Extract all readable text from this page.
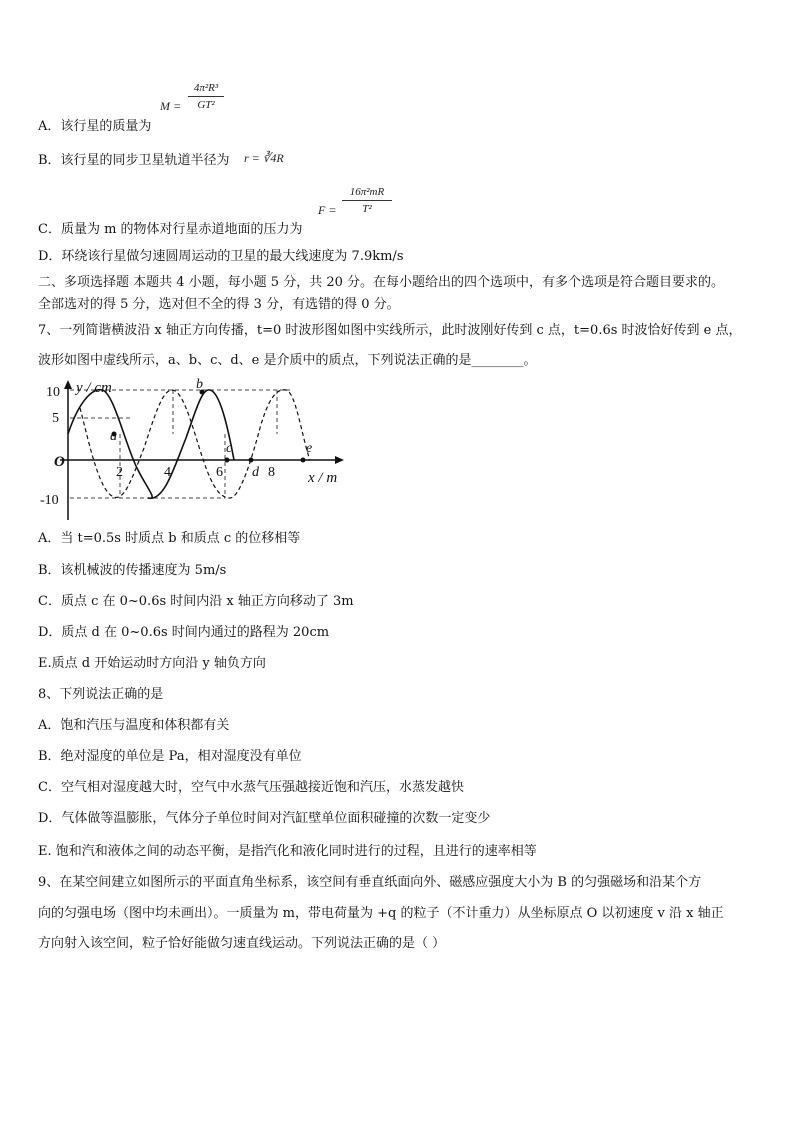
A．该行星的质量为
M =
4π²R³
GT²
B．该行星的同步卫星轨道半径为 r = ∛4R
C．质量为 m 的物体对行星赤道地面的压力为
F =
16π²mR
T²
D．环绕该行星做匀速圆周运动的卫星的最大线速度为 7.9km/s
二、多项选择题 本题共 4 小题，每小题 5 分，共 20 分。在每小题给出的四个选项中，有多个选项是符合题目要求的。
全部选对的得 5 分，选对但不全的得 3 分，有选错的得 0 分。
7、一列简谐横波沿 x 轴正方向传播，t=0 时波形图如图中实线所示，此时波刚好传到 c 点，t=0.6s 时波恰好传到 e 点，
波形如图中虚线所示，a、b、c、d、e 是介质中的质点，下列说法正确的是________。
y / cm
x / m
O
10
5
-10
2	4	6	8
a
b
c
d
e
A．当 t=0.5s 时质点 b 和质点 c 的位移相等
B．该机械波的传播速度为 5m/s
C．质点 c 在 0~0.6s 时间内沿 x 轴正方向移动了 3m
D．质点 d 在 0~0.6s 时间内通过的路程为 20cm
E.质点 d 开始运动时方向沿 y 轴负方向
8、下列说法正确的是
A．饱和汽压与温度和体积都有关
B．绝对湿度的单位是 Pa，相对湿度没有单位
C．空气相对湿度越大时，空气中水蒸气压强越接近饱和汽压，水蒸发越快
D．气体做等温膨胀，气体分子单位时间对汽缸壁单位面积碰撞的次数一定变少
E. 饱和汽和液体之间的动态平衡，是指汽化和液化同时进行的过程，且进行的速率相等
9、在某空间建立如图所示的平面直角坐标系，该空间有垂直纸面向外、磁感应强度大小为 B 的匀强磁场和沿某个方
向的匀强电场（图中均未画出）。一质量为 m，带电荷量为 +q 的粒子（不计重力）从坐标原点 O 以初速度 v 沿 x 轴正
方向射入该空间，粒子恰好能做匀速直线运动。下列说法正确的是（ ）
